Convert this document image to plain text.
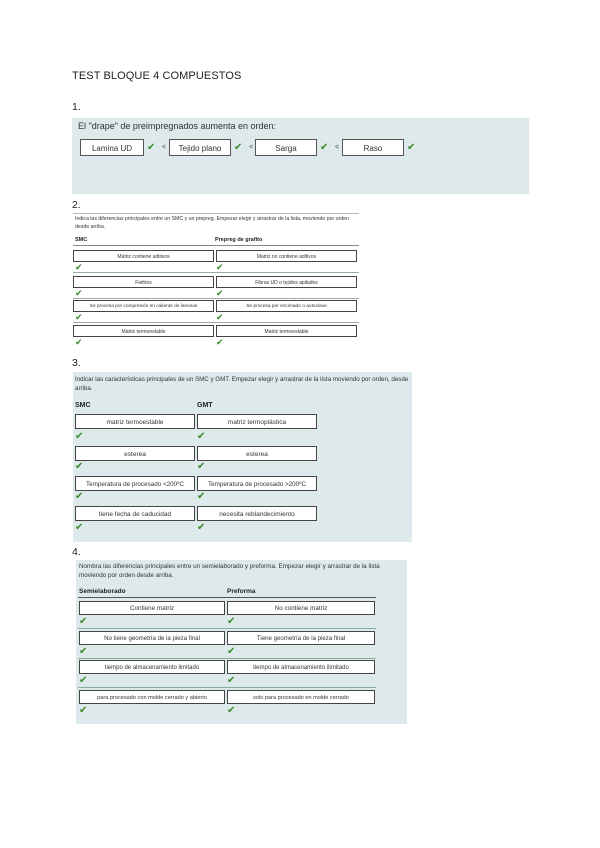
TEST BLOQUE 4 COMPUESTOS
1.
El "drape" de preimpregnados aumenta en orden:
Lamina UD	✔ <	Tejido plano	✔ <	Sarga	✔ <	Raso	✔
2.
Indica las diferencias principales entre un SMC y un prepreg. Empezar elegir y arrastrar de la lista, moviendo por orden desde arriba.
SMC	Prepreg de grafito
Matriz contiene aditivos	Matriz no contiene aditivos
✔	✔
Fieltros	Fibras UD o tejidos apilados
✔	✔
Se procesa por compresión en caliente de laminas	Se procesa por encimado o autoclave
✔	✔
Matriz termoestable	Matriz termoestable
✔	✔
3.
Indicar las características principales de un SMC y GMT. Empezar elegir y arrastrar de la lista moviendo por orden, desde arriba.
SMC	GMT
matriz termoestable	matriz termoplástica
✔	✔
esterea	esterea
✔	✔
Temperatura de procesado <200ºC	Temperatura de procesado >200ºC
✔	✔
tiene fecha de caducidad	necesita reblandecimiento
✔	✔
4.
Nombra las diferencias principales entre un semielaborado y preforma. Empezar elegir y arrastrar de la lista moviendo por orden desde arriba.
Semielaborado	Preforma
Contiene matriz	No contiene matriz
✔	✔
No tiene geometría de la pieza final	Tiene geometría de la pieza final
✔	✔
tiempo de almacenamiento limitado	tiempo de almacenamiento ilimitado
✔	✔
para procesado con molde cerrado y abierto	solo para procesado en molde cerrado
✔	✔
